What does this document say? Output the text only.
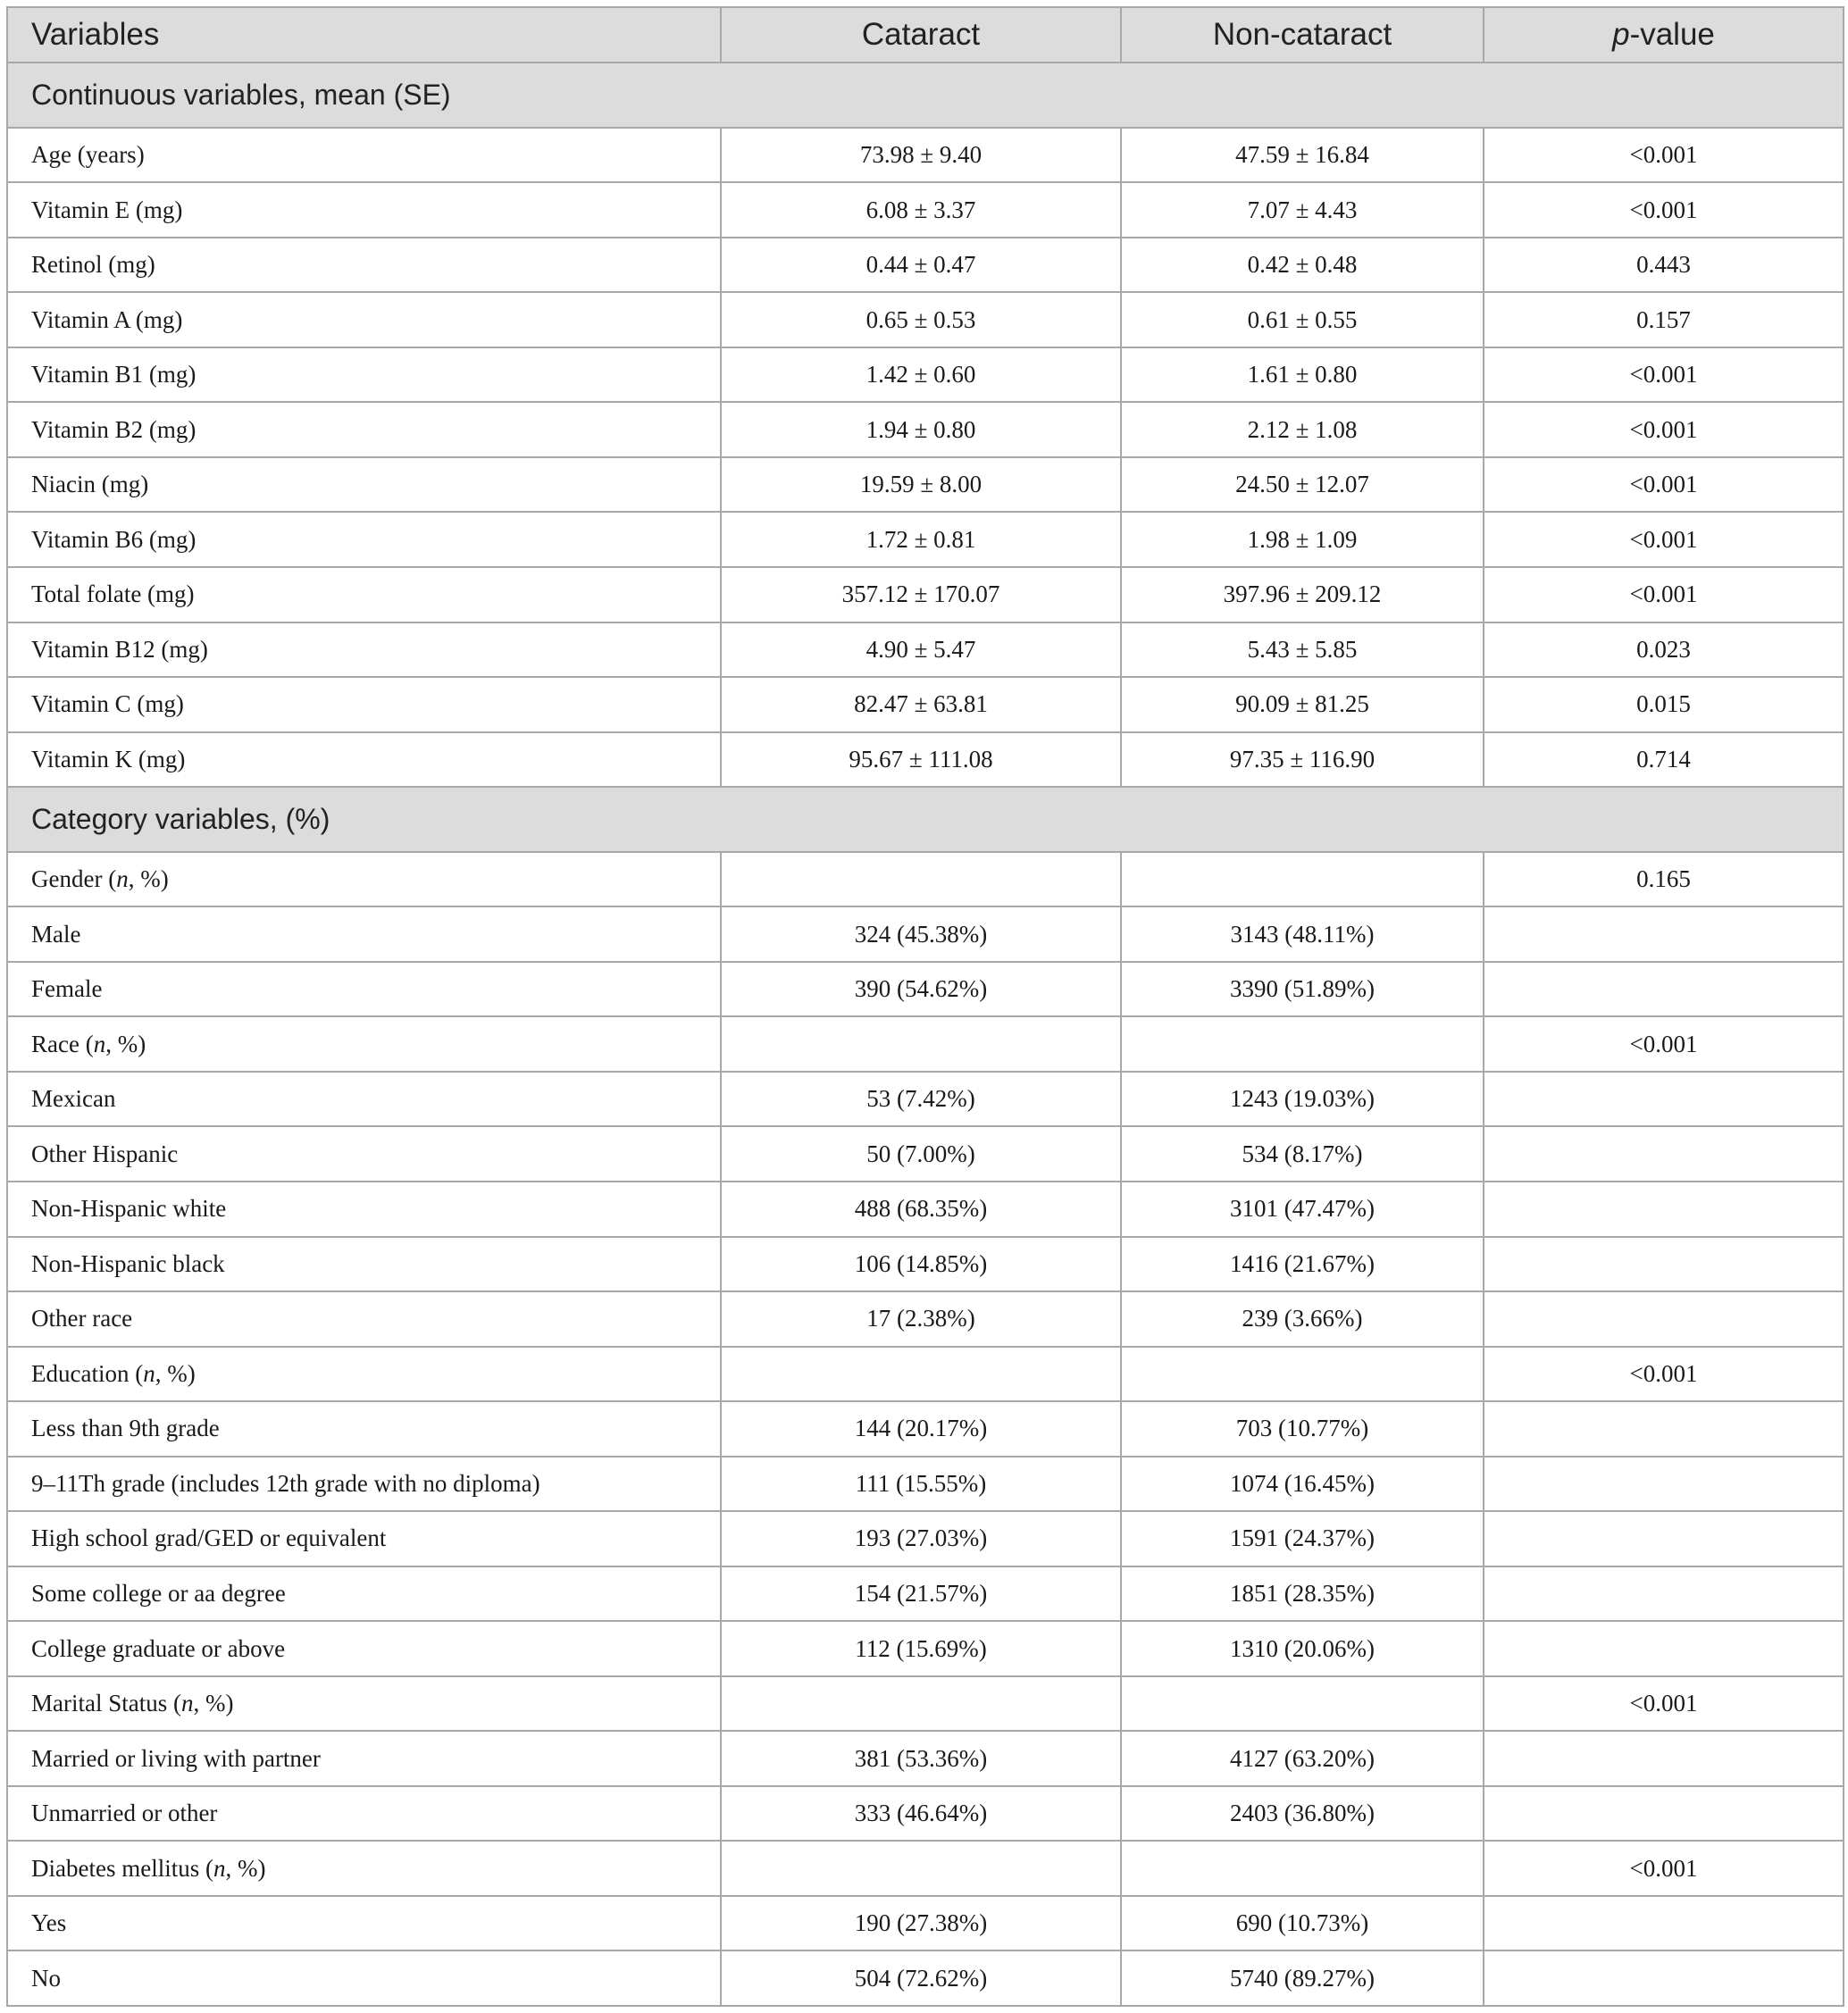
Variables	Cataract	Non-cataract	p-value
Continuous variables, mean (SE)			
Age (years)	73.98 ± 9.40	47.59 ± 16.84	<0.001
Vitamin E (mg)	6.08 ± 3.37	7.07 ± 4.43	<0.001
Retinol (mg)	0.44 ± 0.47	0.42 ± 0.48	0.443
Vitamin A (mg)	0.65 ± 0.53	0.61 ± 0.55	0.157
Vitamin B1 (mg)	1.42 ± 0.60	1.61 ± 0.80	<0.001
Vitamin B2 (mg)	1.94 ± 0.80	2.12 ± 1.08	<0.001
Niacin (mg)	19.59 ± 8.00	24.50 ± 12.07	<0.001
Vitamin B6 (mg)	1.72 ± 0.81	1.98 ± 1.09	<0.001
Total folate (mg)	357.12 ± 170.07	397.96 ± 209.12	<0.001
Vitamin B12 (mg)	4.90 ± 5.47	5.43 ± 5.85	0.023
Vitamin C (mg)	82.47 ± 63.81	90.09 ± 81.25	0.015
Vitamin K (mg)	95.67 ± 111.08	97.35 ± 116.90	0.714
Category variables, (%)			
Gender (n, %)			0.165
Male	324 (45.38%)	3143 (48.11%)	
Female	390 (54.62%)	3390 (51.89%)	
Race (n, %)			<0.001
Mexican	53 (7.42%)	1243 (19.03%)	
Other Hispanic	50 (7.00%)	534 (8.17%)	
Non-Hispanic white	488 (68.35%)	3101 (47.47%)	
Non-Hispanic black	106 (14.85%)	1416 (21.67%)	
Other race	17 (2.38%)	239 (3.66%)	
Education (n, %)			<0.001
Less than 9th grade	144 (20.17%)	703 (10.77%)	
9–11Th grade (includes 12th grade with no diploma)	111 (15.55%)	1074 (16.45%)	
High school grad/GED or equivalent	193 (27.03%)	1591 (24.37%)	
Some college or aa degree	154 (21.57%)	1851 (28.35%)	
College graduate or above	112 (15.69%)	1310 (20.06%)	
Marital Status (n, %)			<0.001
Married or living with partner	381 (53.36%)	4127 (63.20%)	
Unmarried or other	333 (46.64%)	2403 (36.80%)	
Diabetes mellitus (n, %)			<0.001
Yes	190 (27.38%)	690 (10.73%)	
No	504 (72.62%)	5740 (89.27%)	
